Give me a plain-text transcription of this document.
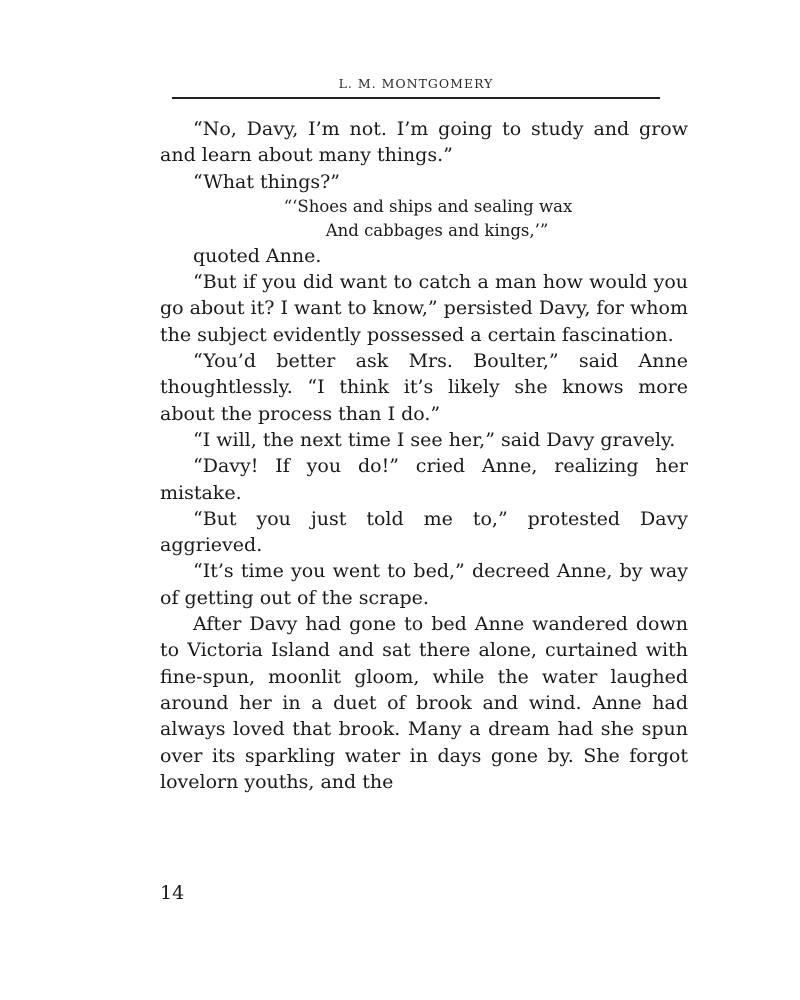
L. M. MONTGOMERY

“No, Davy, I’m not. I’m going to study and grow and learn about many things.”

“What things?”

“‘Shoes and ships and sealing wax
And cabbages and kings,’”

quoted Anne.

“But if you did want to catch a man how would you go about it? I want to know,” persisted Davy, for whom the subject evidently possessed a certain fascination.

“You’d better ask Mrs. Boulter,” said Anne thoughtlessly. “I think it’s likely she knows more about the process than I do.”

“I will, the next time I see her,” said Davy gravely.

“Davy! If you do!” cried Anne, realizing her mistake.

“But you just told me to,” protested Davy aggrieved.

“It’s time you went to bed,” decreed Anne, by way of getting out of the scrape.

After Davy had gone to bed Anne wandered down to Victoria Island and sat there alone, curtained with fine-spun, moonlit gloom, while the water laughed around her in a duet of brook and wind. Anne had always loved that brook. Many a dream had she spun over its sparkling water in days gone by. She forgot lovelorn youths, and the

14
